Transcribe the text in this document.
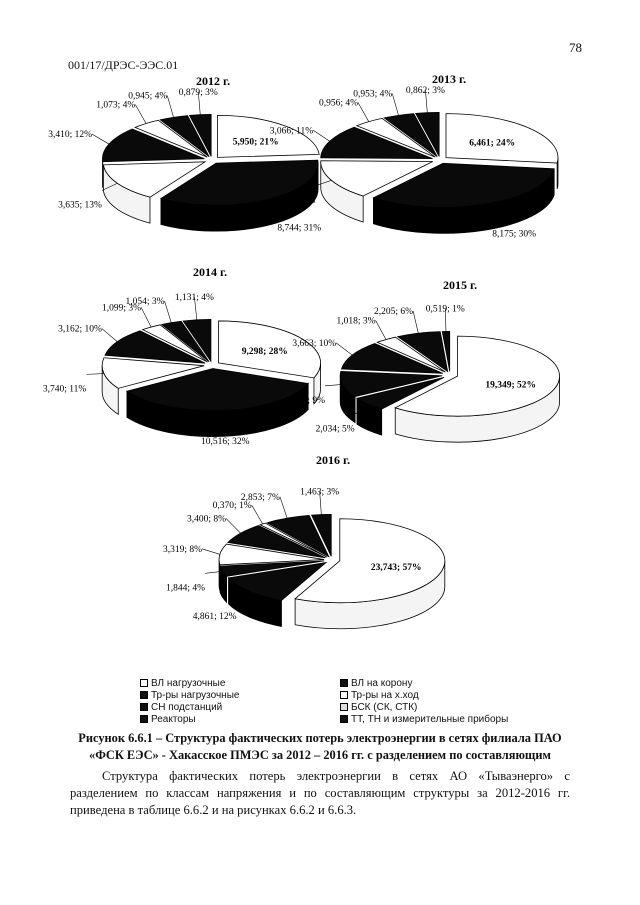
78
001/17/ДРЭС-ЭЭС.01
2012 г.
5,950; 21%
8,744; 31%
3,635; 13%
3,410; 12%
1,073; 4%
0,945; 4% 0,879; 3%
2013 г.
6,461; 24%
8,175; 30%
3,593; 13%
3,066; 11%
0,956; 4%
0,953; 4% 0,862; 3%
2014 г.
9,298; 28%
10,516; 32%
3,740; 11%
3,162; 10%
1,099; 3%
1,054; 3% 1,131; 4%
2015 г.
19,349; 52%
2,034; 5%
3,340; 9%
3,663; 10%
1,018; 3%
2,205; 6% 0,519; 1%
2016 г.
23,743; 57%
4,861; 12%
1,844; 4%
3,319; 8%
3,400; 8%
0,370; 1%
2,853; 7%
1,463; 3%
ВЛ нагрузочные	ВЛ на корону
Тр-ры нагрузочные	Тр-ры на х.ход
СН подстанций	БСК (СК, СТК)
Реакторы	ТТ, ТН и измерительные приборы
Рисунок 6.6.1 – Структура фактических потерь электроэнергии в сетях филиала ПАО «ФСК ЕЭС» - Хакасское ПМЭС за 2012 – 2016 гг. с разделением по составляющим
Структура фактических потерь электроэнергии в сетях АО «Тываэнерго» с разделением по классам напряжения и по составляющим структуры за 2012-2016 гг. приведена в таблице 6.6.2 и на рисунках 6.6.2 и 6.6.3.
